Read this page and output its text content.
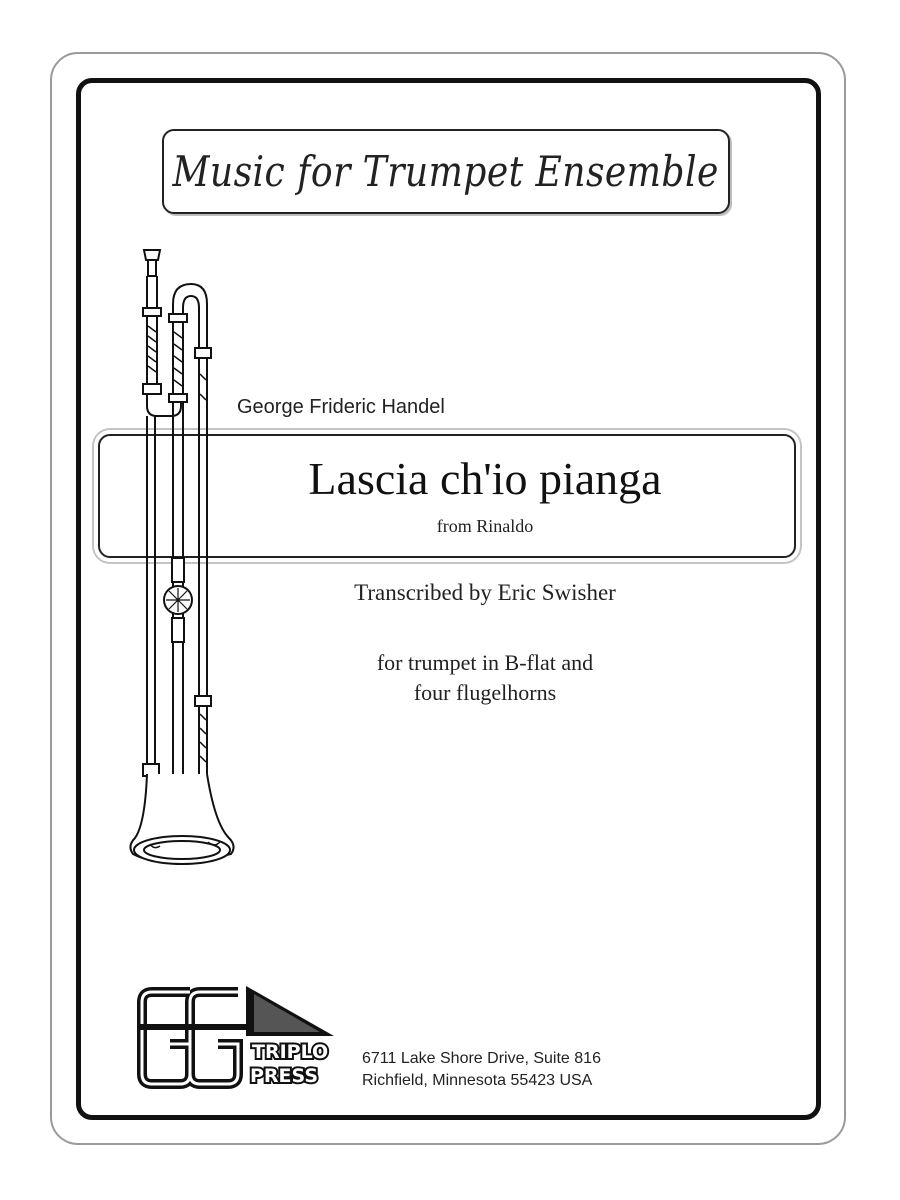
Music for Trumpet Ensemble
George Frideric Handel
Lascia ch'io pianga
from Rinaldo
Transcribed by Eric Swisher
for trumpet in B-flat and
four flugelhorns
TRIPLO
PRESS
6711 Lake Shore Drive, Suite 816
Richfield, Minnesota 55423 USA
